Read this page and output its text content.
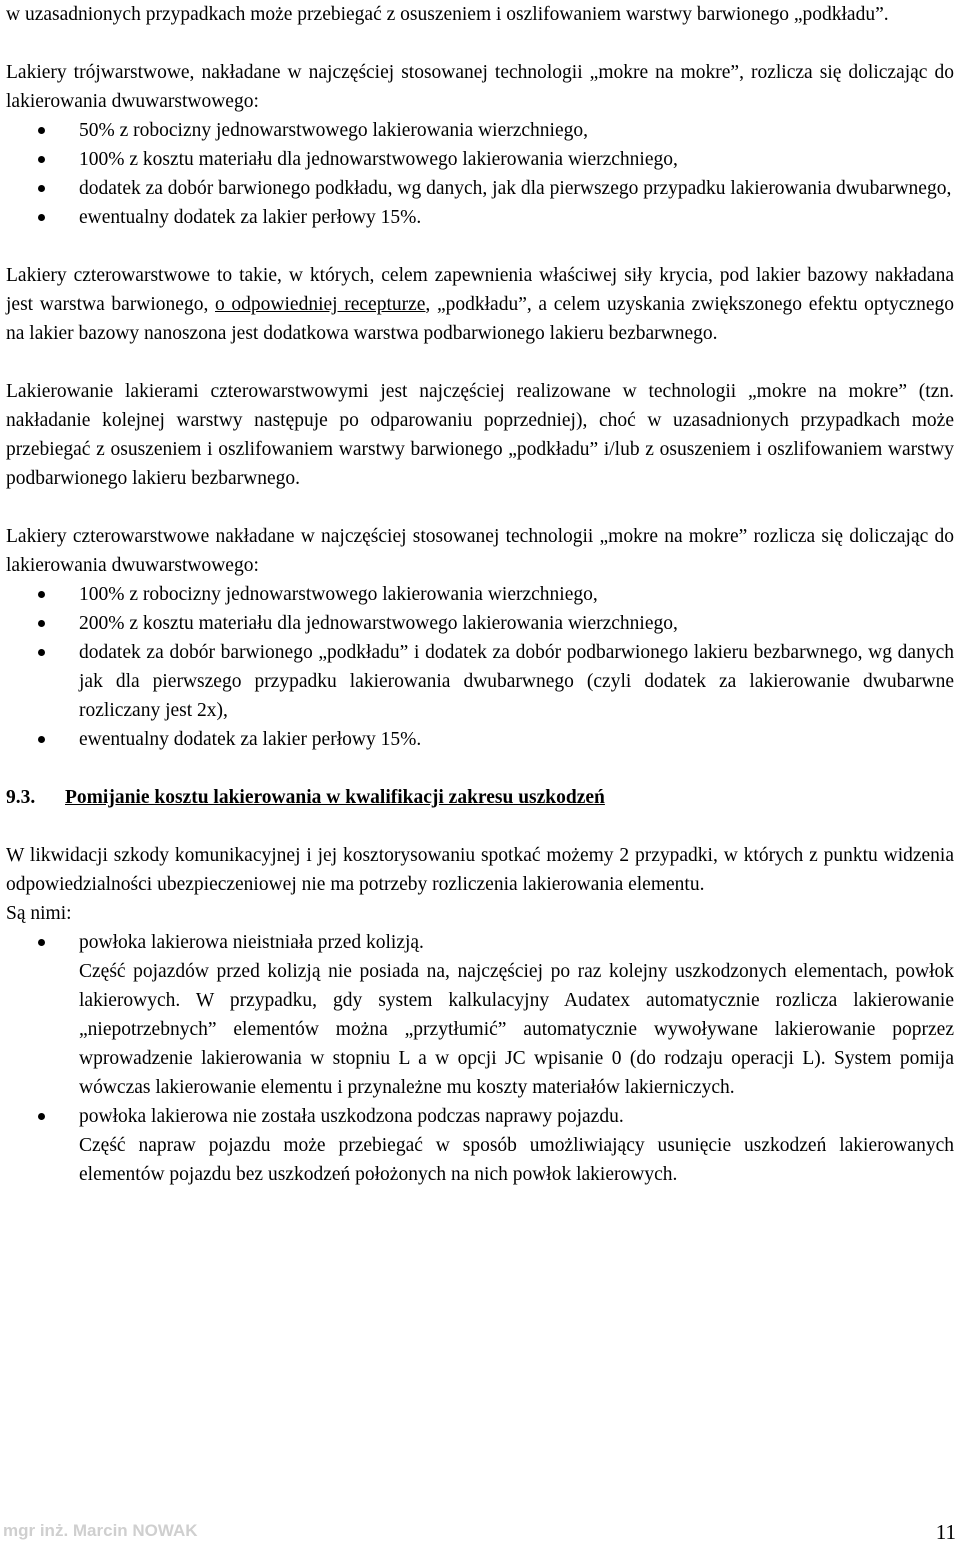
w uzasadnionych przypadkach może przebiegać z osuszeniem i oszlifowaniem warstwy barwionego „podkładu”.

Lakiery trójwarstwowe, nakładane w najczęściej stosowanej technologii „mokre na mokre”, rozlicza się doliczając do lakierowania dwuwarstwowego:

50% z robocizny jednowarstwowego lakierowania wierzchniego,
100% z kosztu materiału dla jednowarstwowego lakierowania wierzchniego,
dodatek za dobór barwionego podkładu, wg danych, jak dla pierwszego przypadku lakierowania dwubarwnego,
ewentualny dodatek za lakier perłowy 15%.

Lakiery czterowarstwowe to takie, w których, celem zapewnienia właściwej siły krycia, pod lakier bazowy nakładana jest warstwa barwionego, o odpowiedniej recepturze, „podkładu”, a celem uzyskania zwiększonego efektu optycznego na lakier bazowy nanoszona jest dodatkowa warstwa podbarwionego lakieru bezbarwnego.

Lakierowanie lakierami czterowarstwowymi jest najczęściej realizowane w technologii „mokre na mokre” (tzn. nakładanie kolejnej warstwy następuje po odparowaniu poprzedniej), choć w uzasadnionych przypadkach może przebiegać z osuszeniem i oszlifowaniem warstwy barwionego „podkładu” i/lub z osuszeniem i oszlifowaniem warstwy podbarwionego lakieru bezbarwnego.

Lakiery czterowarstwowe nakładane w najczęściej stosowanej technologii „mokre na mokre” rozlicza się doliczając do lakierowania dwuwarstwowego:

100% z robocizny jednowarstwowego lakierowania wierzchniego,
200% z kosztu materiału dla jednowarstwowego lakierowania wierzchniego,
dodatek za dobór barwionego „podkładu” i dodatek za dobór podbarwionego lakieru bezbarwnego, wg danych jak dla pierwszego przypadku lakierowania dwubarwnego (czyli dodatek za lakierowanie dwubarwne rozliczany jest 2x),
ewentualny dodatek za lakier perłowy 15%.
9.3.	Pomijanie kosztu lakierowania w kwalifikacji zakresu uszkodzeń

W likwidacji szkody komunikacyjnej i jej kosztorysowaniu spotkać możemy 2 przypadki, w których z punktu widzenia odpowiedzialności ubezpieczeniowej nie ma potrzeby rozliczenia lakierowania elementu.

Są nimi:

powłoka lakierowa nieistniała przed kolizją.
Część pojazdów przed kolizją nie posiada na, najczęściej po raz kolejny uszkodzonych elementach, powłok lakierowych. W przypadku, gdy system kalkulacyjny Audatex automatycznie rozlicza lakierowanie „niepotrzebnych” elementów można „przytłumić” automatycznie wywoływane lakierowanie poprzez wprowadzenie lakierowania w stopniu L a w opcji JC wpisanie 0 (do rodzaju operacji L). System pomija wówczas lakierowanie elementu i przynależne mu koszty materiałów lakierniczych.
powłoka lakierowa nie została uszkodzona podczas naprawy pojazdu.
Część napraw pojazdu może przebiegać w sposób umożliwiający usunięcie uszkodzeń lakierowanych elementów pojazdu bez uszkodzeń położonych na nich powłok lakierowych.
mgr inż. Marcin NOWAK	11
